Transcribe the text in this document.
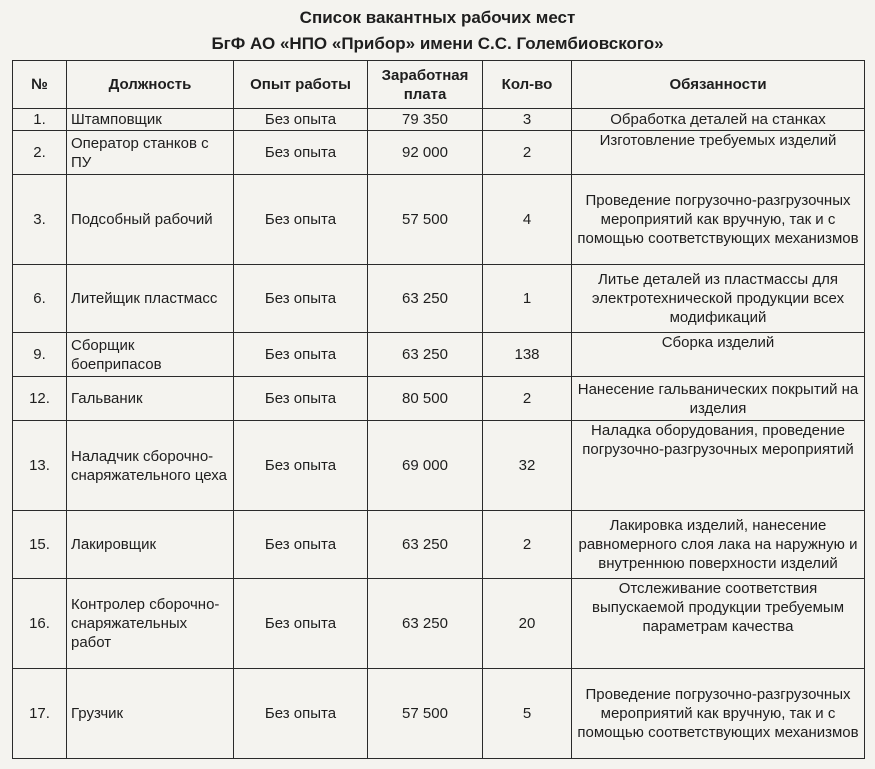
Список вакантных рабочих мест
БгФ АО «НПО «Прибор» имени С.С. Голембиовского»
№	Должность	Опыт работы	Заработная плата	Кол-во	Обязанности
1.	Штамповщик	Без опыта	79 350	3	Обработка деталей на станках
2.	Оператор станков с ПУ	Без опыта	92 000	2	Изготовление требуемых изделий
3.	Подсобный рабочий	Без опыта	57 500	4	Проведение погрузочно-разгрузочных мероприятий как вручную, так и с помощью соответствующих механизмов
6.	Литейщик пластмасс	Без опыта	63 250	1	Литье деталей из пластмассы для электротехнической продукции всех модификаций
9.	Сборщик боеприпасов	Без опыта	63 250	138	Сборка изделий
12.	Гальваник	Без опыта	80 500	2	Нанесение гальванических покрытий на изделия
13.	Наладчик сборочно-снаряжательного цеха	Без опыта	69 000	32	Наладка оборудования, проведение погрузочно-разгрузочных мероприятий
15.	Лакировщик	Без опыта	63 250	2	Лакировка изделий, нанесение равномерного слоя лака на наружную и внутреннюю поверхности изделий
16.	Контролер сборочно-снаряжательных работ	Без опыта	63 250	20	Отслеживание соответствия выпускаемой продукции требуемым параметрам качества
17.	Грузчик	Без опыта	57 500	5	Проведение погрузочно-разгрузочных мероприятий как вручную, так и с помощью соответствующих механизмов
